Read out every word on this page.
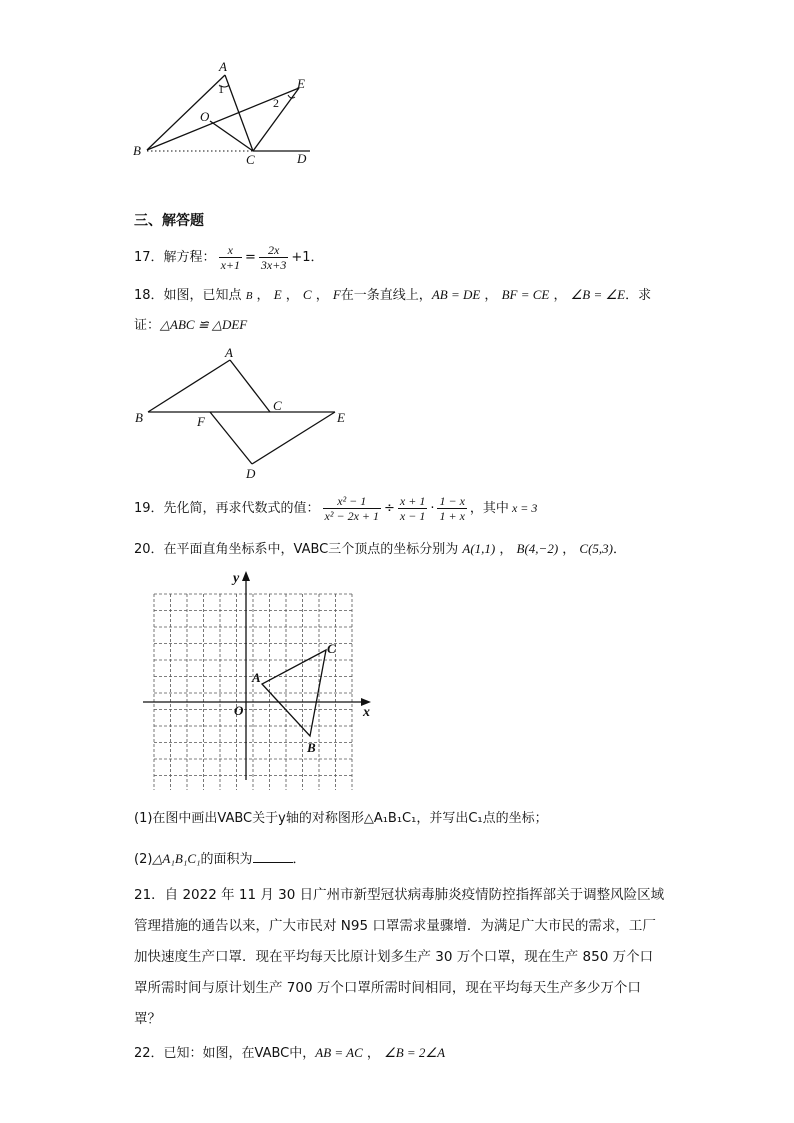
A
1	E
2
O
B
C	D
三、解答题
17． 解方程： $\frac{x}{x+1} = \frac{2x}{3x+3} +1$．
18．如图，已知点 B ， E ， C ， F在一条直线上，AB = DE ， BF = CE ， ∠B = ∠E．求
证：△ABC ≌ △DEF
A
B
C
E
F
D
19．先化简，再求代数式的值： $\frac{\text{x² − 1}}{\text{x² − 2x + 1}} \div \frac{x + 1}{x - 1} \cdot \frac{1 - x}{1 + x}$ ，其中 x = 3
20．在平面直角坐标系中，VABC三个顶点的坐标分别为 A(1,1) ， B(4,−2) ， C(5,3)．
y
x
O
A
B
C
(1)在图中画出VABC关于y轴的对称图形△A₁B₁C₁，并写出C₁点的坐标；
(2)△A₁B₁C₁的面积为	．
21．自 2022 年 11 月 30 日广州市新型冠状病毒肺炎疫情防控指挥部关于调整风险区域
管理措施的通告以来，广大市民对 N95 口罩需求量骤增．为满足广大市民的需求，工厂
加快速度生产口罩．现在平均每天比原计划多生产 30 万个口罩，现在生产 850 万个口
罩所需时间与原计划生产 700 万个口罩所需时间相同，现在平均每天生产多少万个口
罩？
22．已知：如图，在VABC中，AB = AC ， ∠B = 2∠A
